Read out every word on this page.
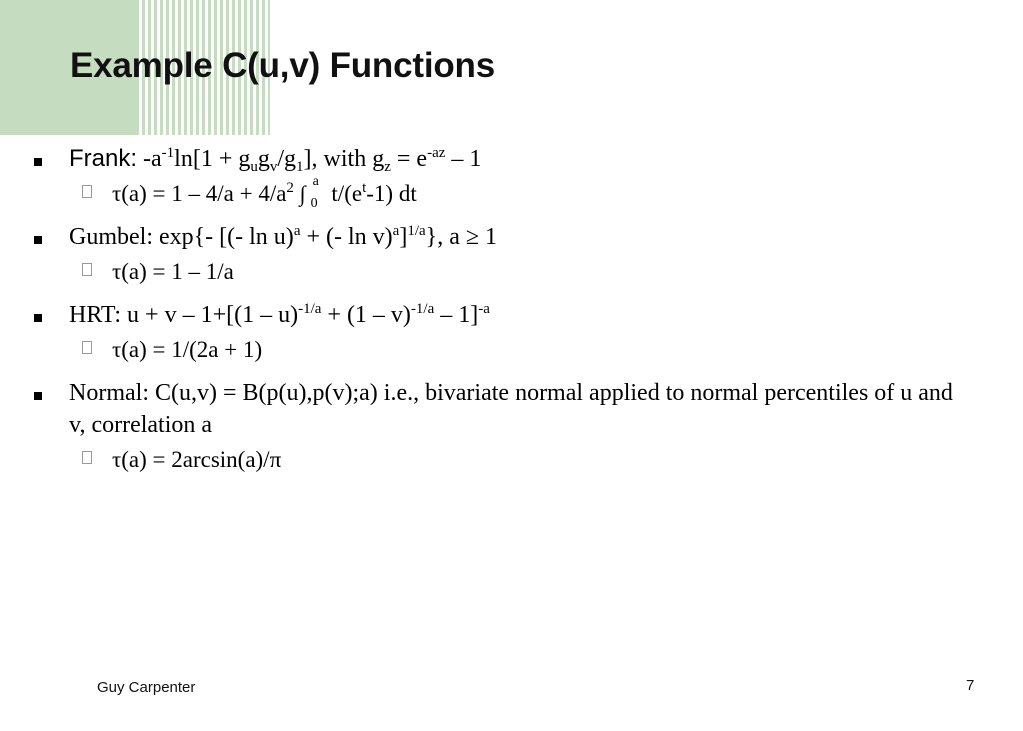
Example C(u,v) Functions
Frank: $-a^{-1}\ln[1 + g_ug_v/g_1]$, with $g_z = e^{-az} - 1$
$\tau(a) = 1 - 4/a + 4/a^2$ ∫ a
0 $t/(e^t-1)$ dt
Gumbel: exp{- [(- ln u)$^a$ + (- ln v)$^a$]$^{1/a}$}, a ≥ 1
τ(a) = 1 – 1/a
HRT: $u + v - 1+[(1 - u)^{-1/a} + (1 - v)^{-1/a} - 1]^{-a}$
τ(a) = 1/(2a + 1)
Normal: C(u,v) = B(p(u),p(v);a) i.e., bivariate normal applied to normal percentiles of u and v, correlation a
τ(a) = 2arcsin(a)/π
Guy Carpenter	7
